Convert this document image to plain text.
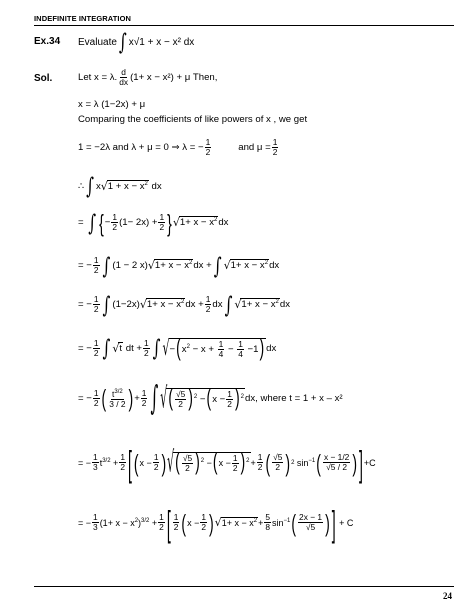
INDEFINITE INTEGRATION
Ex.34 Evaluate ∫ x√1 + x − x² dx
Sol.	Let x = λ. d
dx (1+ x − x²) + μ Then,
x = λ (1−2x) + μ
Comparing the coefficients of like powers of x , we get
1 = −2λ and λ + μ = 0 ⇒ λ = − $\frac{1}{2}$	and $\mu = \frac{1}{2}$
∴ ∫ x √ $1 + x - x^2$ dx
= ∫ { − $\frac{1}{2} (1- 2x) + \frac{1}{2}$ } √ $1+ x - x^2$ dx
= − $\frac{1}{2}$ ∫ (1 − 2 x) √ $1+ x - x^2$ dx + ∫ √ $1+ x - x^2$ dx
= − $\frac{1}{2}$ ∫ (1−2x) √ $1+ x - x^2$ dx + $\frac{1}{2}$ dx ∫ √ $1+ x - x^2$ dx
= − $\frac{1}{2}$ ∫ √ t dt + $\frac{1}{2}$ ∫ √ $-(x^2 - x + \frac{1}{4} - \frac{1}{4} -1)$ dx
= − $\frac{1}{2}$ ( $t^{3/2}$
3 / 2 ) + $\frac{1}{2}$ ∫ √ ( $\frac{√5}{2} )^2 -(x - \frac{1}{2} )^2$ dx , where t = 1 + x – x²
= − $\frac{1}{3} t^{3/2} + \frac{1}{2}$ [ ( x −
1
2 ) √ ( $\frac{√5}{2} )^2 -(x - \frac{1}{2} )^2 + \frac{1}{2}$ ( √5
2 ) 2 $\sin^{-1}$ ( x − 1/2
√5 / 2 ) ] +C
= − $\frac{1}{3} (1+ x - x^2)^{3/2} + \frac{1}{2}$ [ 1
2 ( x −
1
2 ) √ $1+ x - x^2 + \frac{5}{8} \sin^{-1}$ ( 2x − 1
√5 ) ]
+ C
24
